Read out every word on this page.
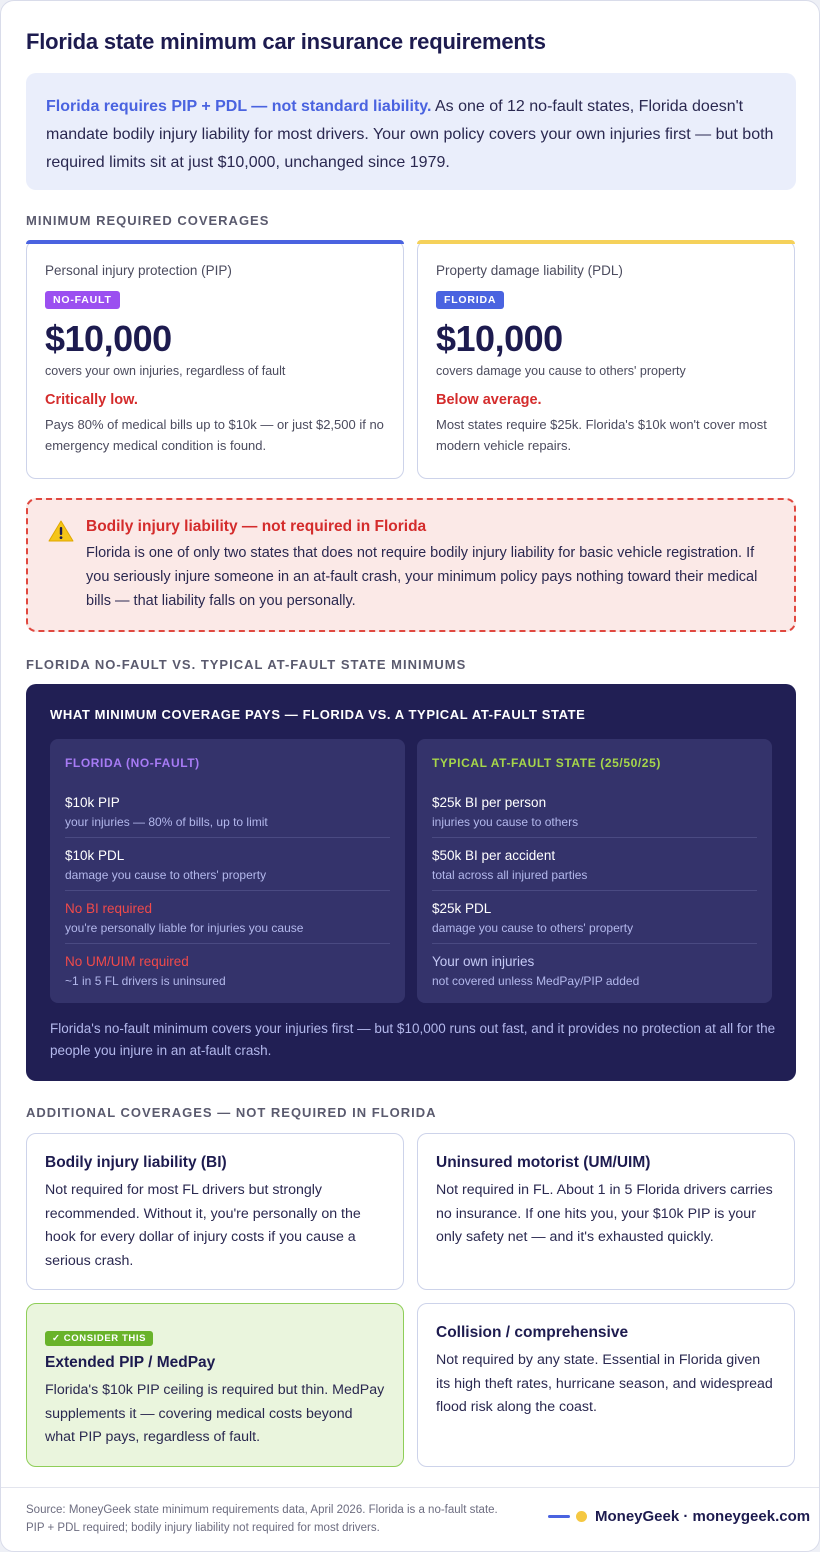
Florida state minimum car insurance requirements
Florida requires PIP + PDL — not standard liability. As one of 12 no-fault states, Florida doesn't mandate bodily injury liability for most drivers. Your own policy covers your own injuries first — but both required limits sit at just $10,000, unchanged since 1979.
MINIMUM REQUIRED COVERAGES
Personal injury protection (PIP)
NO-FAULT
$10,000
covers your own injuries, regardless of fault
Critically low.
Pays 80% of medical bills up to $10k — or just $2,500 if no emergency medical condition is found.
Property damage liability (PDL)
FLORIDA
$10,000
covers damage you cause to others' property
Below average.
Most states require $25k. Florida's $10k won't cover most modern vehicle repairs.
Bodily injury liability — not required in Florida
Florida is one of only two states that does not require bodily injury liability for basic vehicle registration. If you seriously injure someone in an at-fault crash, your minimum policy pays nothing toward their medical bills — that liability falls on you personally.
FLORIDA NO-FAULT VS. TYPICAL AT-FAULT STATE MINIMUMS
WHAT MINIMUM COVERAGE PAYS — FLORIDA VS. A TYPICAL AT-FAULT STATE
FLORIDA (NO-FAULT)
$10k PIP
your injuries — 80% of bills, up to limit
$10k PDL
damage you cause to others' property
No BI required
you're personally liable for injuries you cause
No UM/UIM required
~1 in 5 FL drivers is uninsured
TYPICAL AT-FAULT STATE (25/50/25)
$25k BI per person
injuries you cause to others
$50k BI per accident
total across all injured parties
$25k PDL
damage you cause to others' property
Your own injuries
not covered unless MedPay/PIP added
Florida's no-fault minimum covers your injuries first — but $10,000 runs out fast, and it provides no protection at all for the people you injure in an at-fault crash.
ADDITIONAL COVERAGES — NOT REQUIRED IN FLORIDA
Bodily injury liability (BI)
Not required for most FL drivers but strongly recommended. Without it, you're personally on the hook for every dollar of injury costs if you cause a serious crash.
Uninsured motorist (UM/UIM)
Not required in FL. About 1 in 5 Florida drivers carries no insurance. If one hits you, your $10k PIP is your only safety net — and it's exhausted quickly.
✓ CONSIDER THIS
Extended PIP / MedPay
Florida's $10k PIP ceiling is required but thin. MedPay supplements it — covering medical costs beyond what PIP pays, regardless of fault.
Collision / comprehensive
Not required by any state. Essential in Florida given its high theft rates, hurricane season, and widespread flood risk along the coast.
Source: MoneyGeek state minimum requirements data, April 2026. Florida is a no-fault state.
PIP + PDL required; bodily injury liability not required for most drivers.
MoneyGeek · moneygeek.com
